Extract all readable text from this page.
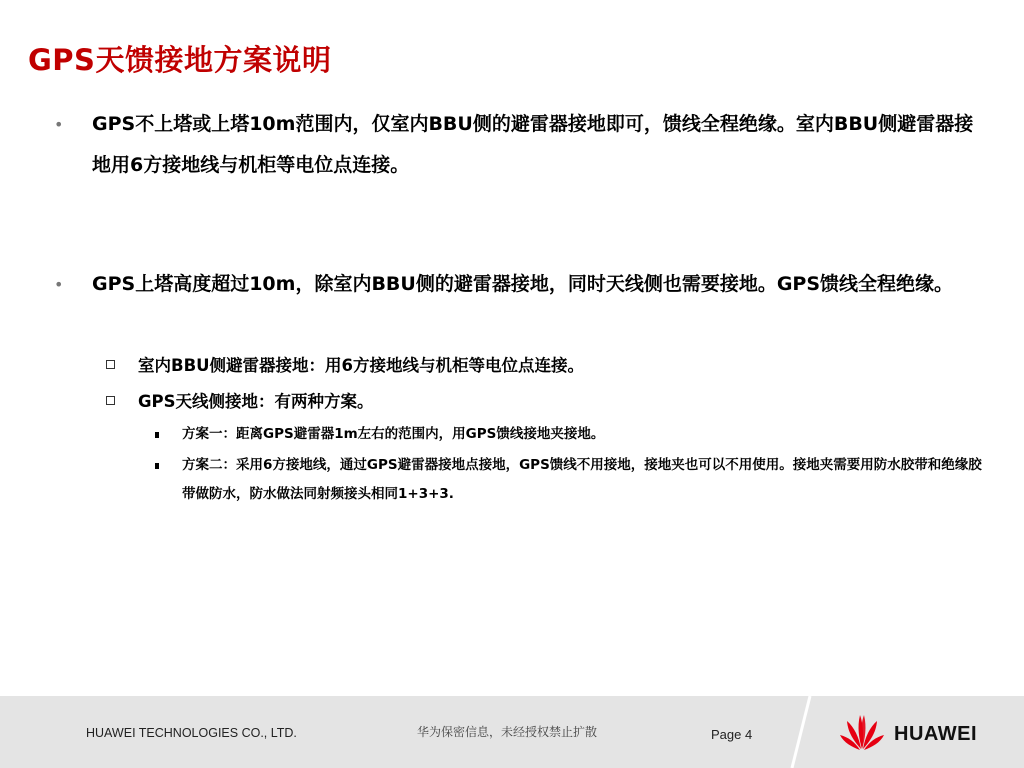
GPS天馈接地方案说明
• GPS不上塔或上塔10m范围内，仅室内BBU侧的避雷器接地即可，馈线全程绝缘。室内BBU侧避雷器接地用6方接地线与机柜等电位点连接。
• GPS上塔高度超过10m，除室内BBU侧的避雷器接地，同时天线侧也需要接地。GPS馈线全程绝缘。
室内BBU侧避雷器接地：用6方接地线与机柜等电位点连接。
GPS天线侧接地：有两种方案。
方案一：距离GPS避雷器1m左右的范围内，用GPS馈线接地夹接地。
方案二：采用6方接地线，通过GPS避雷器接地点接地，GPS馈线不用接地，接地夹也可以不用使用。接地夹需要用防水胶带和绝缘胶带做防水，防水做法同射频接头相同1+3+3.
HUAWEI TECHNOLOGIES CO., LTD.	华为保密信息，未经授权禁止扩散	Page 4	HUAWEI
